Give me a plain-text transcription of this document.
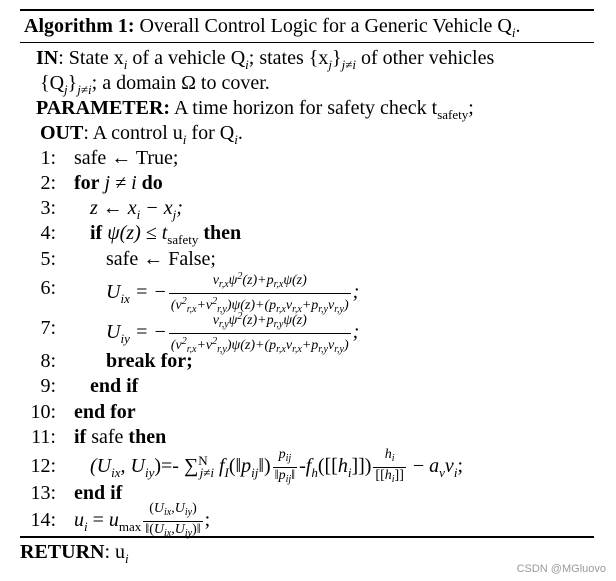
Algorithm 1: Overall Control Logic for a Generic Vehicle $Q_i$.
IN: State $x_i$ of a vehicle $Q_i$; states $\{x_j\}_{j\ne i}$ of other vehicles
$\{Q_j\}_{j\ne i}$; a domain Ω to cover.
PARAMETER: A time horizon for safety check $t_{safety}$;
OUT: A control $u_i$ for $Q_i$.
1: safe ← True;
2: for j ≠ i do
3: z ← $x_i - x_j$;
4: if $\psi(z) \le t_{safety}$ then
5:	safe ← False;
6:	$U_{ix}$ = − $\frac{v_{r,x}\psi^2(z)+p_{r,x}\psi(z)}{(v^2_{r,x}+v^2_{r,y})\psi(z)+(p_{r,x}v_{r,x}+p_{r,y}v_{r,y})}$ ;
7:	$U_{iy}$ = − $\frac{v_{r,y}\psi^2(z)+p_{r,y}\psi(z)}{(v^2_{r,x}+v^2_{r,y})\psi(z)+(p_{r,x}v_{r,x}+p_{r,y}v_{r,y})}$ ;
8:	break for;
9: end if
10: end for
11: if safe then
12: ($U_{ix}$, $U_{iy})=-$ ∑$^N_{j\ne i}$ $f_I(‖p_{ij}‖) \frac{p_{ij}}{‖p_{ij}‖} -f_h([[h_i]]) \frac{h_i}{[[h_i]]} - a_vv_i$;
13: end if
14: $u_i = u_{max} \frac{(U_{ix},U_{iy})}{‖(U_{ix},U_{iy})‖}$ ;
RETURN: $u_i$
CSDN @MGluovo
